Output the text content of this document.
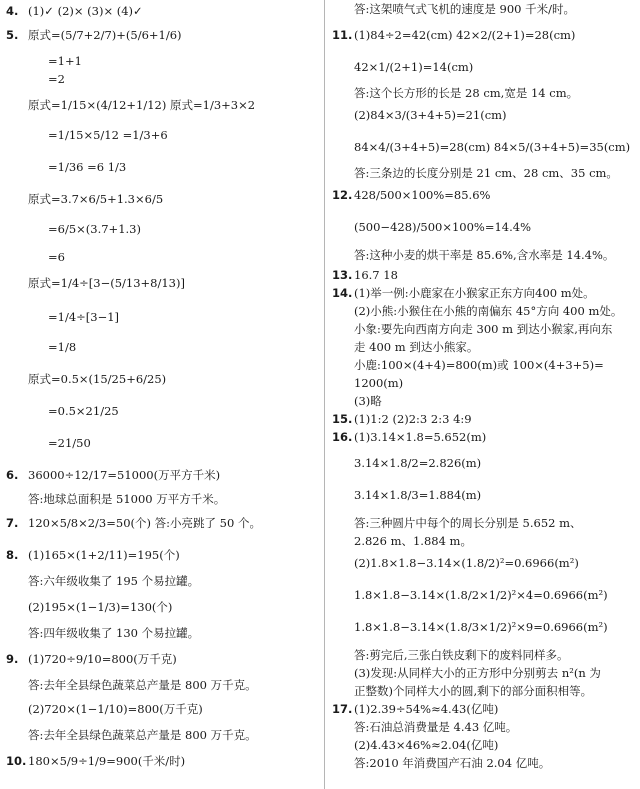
4. (1)✓ (2)× (3)× (4)✓
5. 原式=(5/7+2/7)+(5/6+1/6)
=1+1
=2
原式=1/15×(4/12+1/12) 原式=1/3+3×2
=1/15×5/12 =1/3+6
=1/36 =6 1/3
原式=3.7×6/5+1.3×6/5
=6/5×(3.7+1.3)
=6
原式=1/4÷[3−(5/13+8/13)]
=1/4÷[3−1]
=1/8
原式=0.5×(15/25+6/25)
=0.5×21/25
=21/50
6. 36000÷12/17=51000(万平方千米)
答:地球总面积是 51000 万平方千米。
7. 120×5/8×2/3=50(个) 答:小亮跳了 50 个。
8. (1)165×(1+2/11)=195(个)
答:六年级收集了 195 个易拉罐。
(2)195×(1−1/3)=130(个)
答:四年级收集了 130 个易拉罐。
9. (1)720÷9/10=800(万千克)
答:去年全县绿色蔬菜总产量是 800 万千克。
(2)720×(1−1/10)=800(万千克)
答:去年全县绿色蔬菜总产量是 800 万千克。
10. 180×5/9÷1/9=900(千米/时)
答:这架喷气式飞机的速度是 900 千米/时。
11. (1)84÷2=42(cm) 42×2/(2+1)=28(cm)
42×1/(2+1)=14(cm)
答:这个长方形的长是 28 cm,宽是 14 cm。
(2)84×3/(3+4+5)=21(cm)
84×4/(3+4+5)=28(cm) 84×5/(3+4+5)=35(cm)
答:三条边的长度分别是 21 cm、28 cm、35 cm。
12. 428/500×100%=85.6%
(500−428)/500×100%=14.4%
答:这种小麦的烘干率是 85.6%,含水率是 14.4%。
13. 16.7 18
14. (1)举一例:小鹿家在小猴家正东方向400 m处。
(2)小熊:小猴住在小熊的南偏东 45°方向 400 m处。
小象:要先向西南方向走 300 m 到达小猴家,再向东
走 400 m 到达小熊家。
小鹿:100×(4+4)=800(m)或 100×(4+3+5)=
1200(m)
(3)略
15. (1)1:2 (2)2:3 2:3 4:9
16. (1)3.14×1.8=5.652(m)
3.14×1.8/2=2.826(m)
3.14×1.8/3=1.884(m)
答:三种圆片中每个的周长分别是 5.652 m、
2.826 m、1.884 m。
(2)1.8×1.8−3.14×(1.8/2)²=0.6966(m²)
1.8×1.8−3.14×(1.8/2×1/2)²×4=0.6966(m²)
1.8×1.8−3.14×(1.8/3×1/2)²×9=0.6966(m²)
答:剪完后,三张白铁皮剩下的废料同样多。
(3)发现:从同样大小的正方形中分别剪去 n²(n 为
正整数)个同样大小的圆,剩下的部分面积相等。
17. (1)2.39÷54%≈4.43(亿吨)
答:石油总消费量是 4.43 亿吨。
(2)4.43×46%≈2.04(亿吨)
答:2010 年消费国产石油 2.04 亿吨。
